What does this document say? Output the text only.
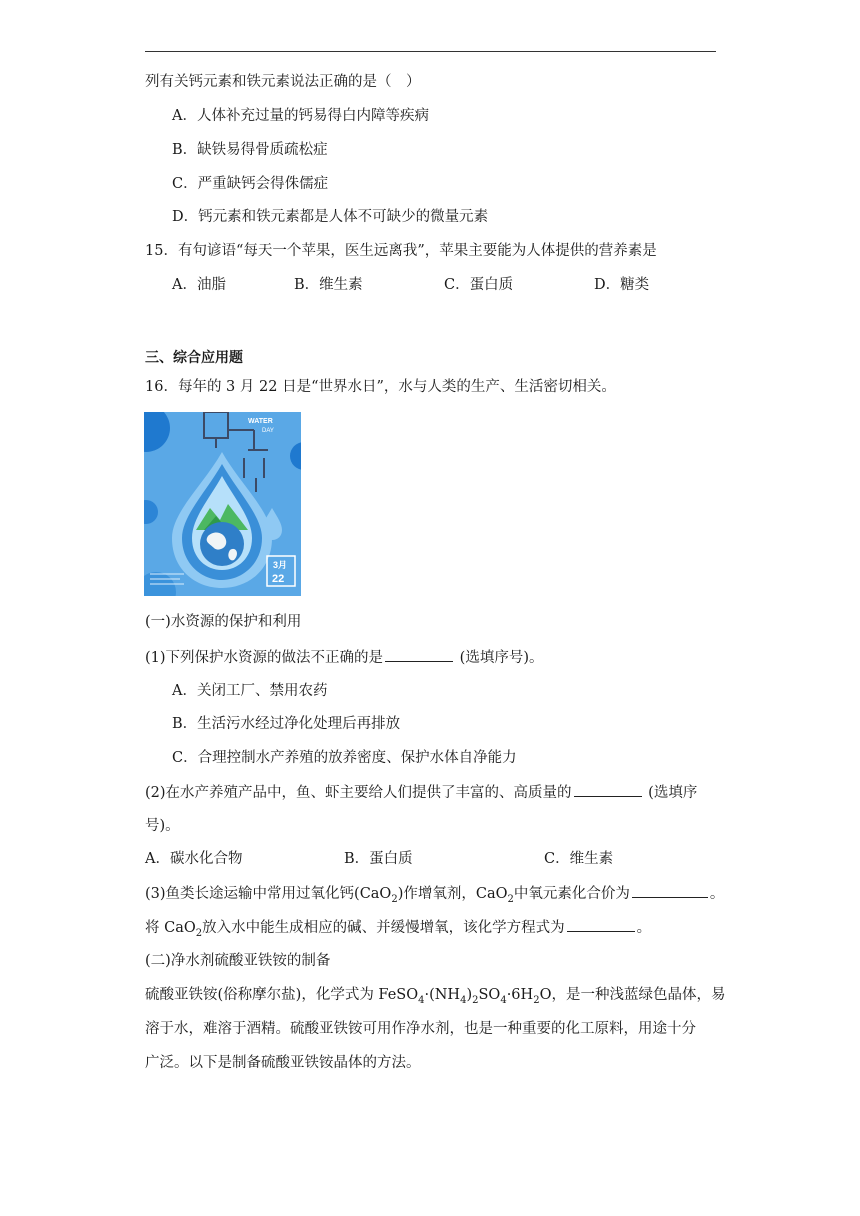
列有关钙元素和铁元素说法正确的是（　）
A．人体补充过量的钙易得白内障等疾病
B．缺铁易得骨质疏松症
C．严重缺钙会得侏儒症
D．钙元素和铁元素都是人体不可缺少的微量元素
15．有句谚语“每天一个苹果，医生远离我”，苹果主要能为人体提供的营养素是
A．油脂	B．维生素	C．蛋白质	D．糖类
三、综合应用题
16．每年的 3 月 22 日是“世界水日”，水与人类的生产、生活密切相关。
WATER
DAY
3月
22
(一)水资源的保护和利用
(1)下列保护水资源的做法不正确的是	(选填序号)。
A．关闭工厂、禁用农药
B．生活污水经过净化处理后再排放
C．合理控制水产养殖的放养密度、保护水体自净能力
(2)在水产养殖产品中，鱼、虾主要给人们提供了丰富的、高质量的	(选填序
号)。
A．碳水化合物	B．蛋白质	C．维生素
(3)鱼类长途运输中常用过氧化钙(CaO$_2$)作增氧剂，CaO$_2$中氧元素化合价为	。
将 CaO$_2$放入水中能生成相应的碱、并缓慢增氧，该化学方程式为	。
(二)净水剂硫酸亚铁铵的制备
硫酸亚铁铵(俗称摩尔盐)，化学式为 $FeSO_4\cdot(NH_4)_2SO_4\cdot 6H_2O$，是一种浅蓝绿色晶体，易
溶于水，难溶于酒精。硫酸亚铁铵可用作净水剂，也是一种重要的化工原料，用途十分
广泛。以下是制备硫酸亚铁铵晶体的方法。
